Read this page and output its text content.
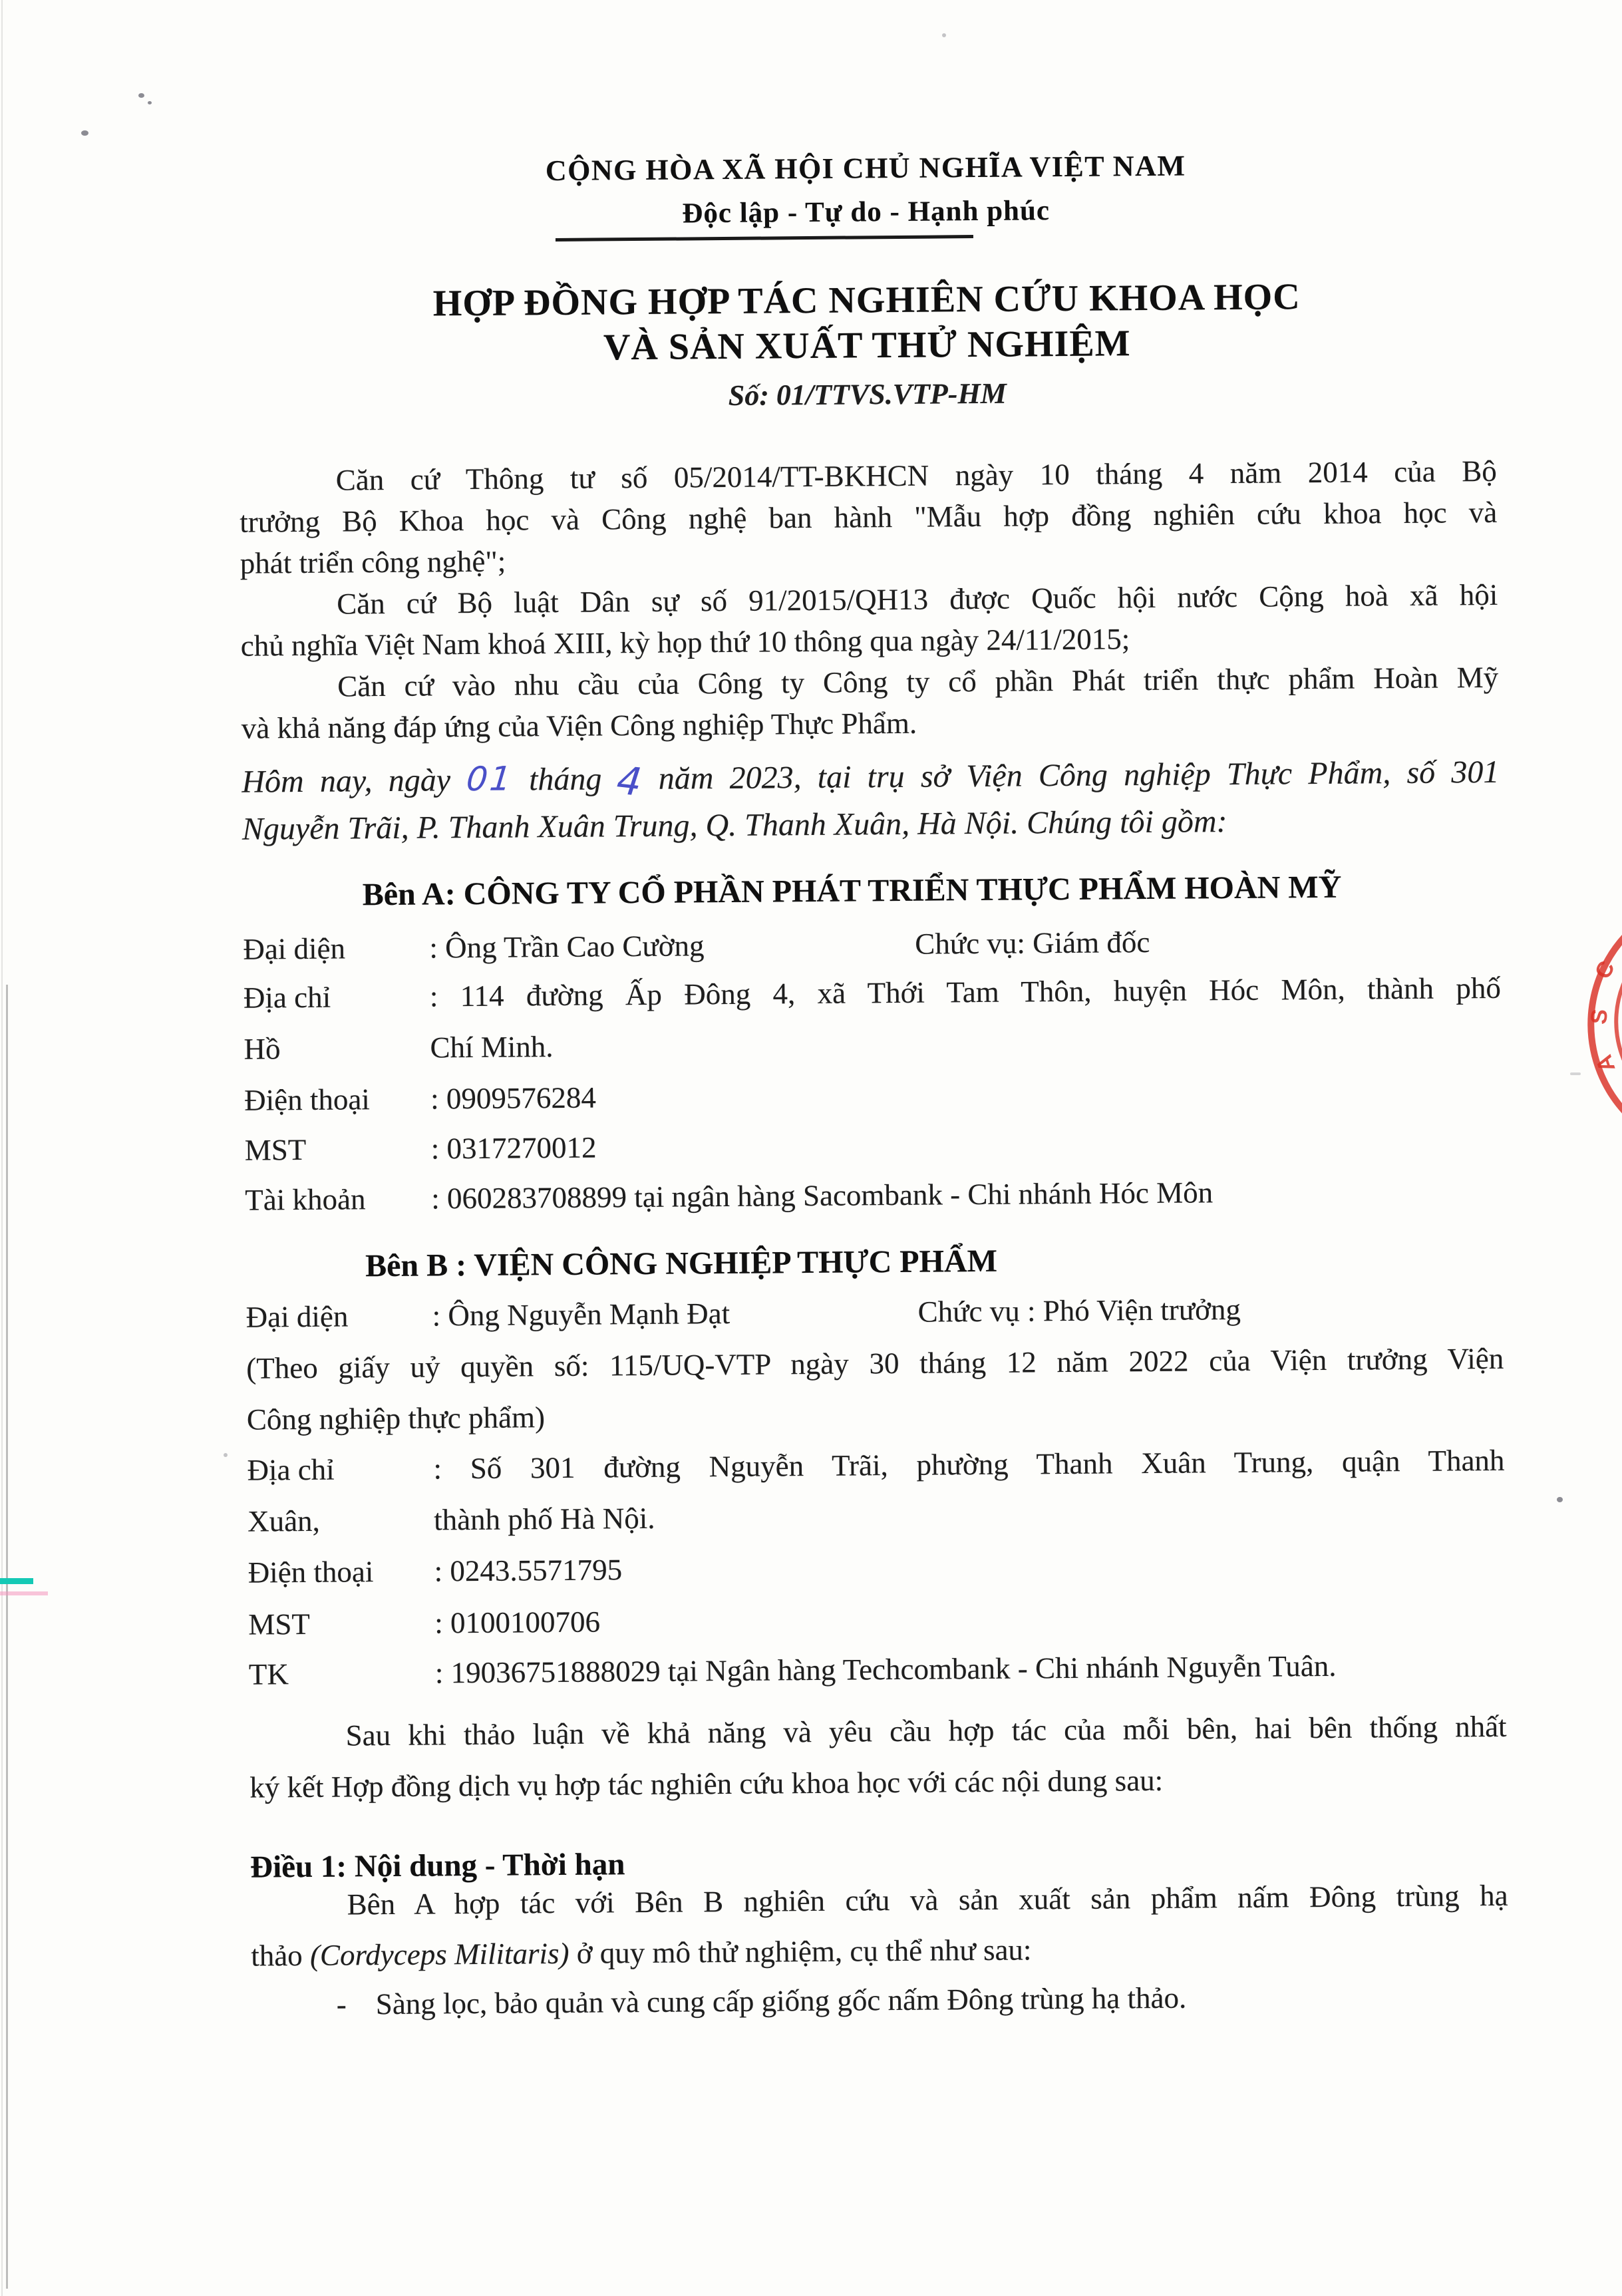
CỘNG HÒA XÃ HỘI CHỦ NGHĨA VIỆT NAM
Độc lập - Tự do - Hạnh phúc
HỢP ĐỒNG HỢP TÁC NGHIÊN CỨU KHOA HỌC
VÀ SẢN XUẤT THỬ NGHIỆM
Số: 01/TTVS.VTP-HM
Căn cứ Thông tư số 05/2014/TT-BKHCN ngày 10 tháng 4 năm 2014 của Bộ
trưởng Bộ Khoa học và Công nghệ ban hành "Mẫu hợp đồng nghiên cứu khoa học và
phát triển công nghệ";
Căn cứ Bộ luật Dân sự số 91/2015/QH13 được Quốc hội nước Cộng hoà xã hội
chủ nghĩa Việt Nam khoá XIII, kỳ họp thứ 10 thông qua ngày 24/11/2015;
Căn cứ vào nhu cầu của Công ty Công ty cổ phần Phát triển thực phẩm Hoàn Mỹ
và khả năng đáp ứng của Viện Công nghiệp Thực Phẩm.
Hôm nay, ngày 01 tháng 4 năm 2023, tại trụ sở Viện Công nghiệp Thực Phẩm, số 301
Nguyễn Trãi, P. Thanh Xuân Trung, Q. Thanh Xuân, Hà Nội. Chúng tôi gồm:
Bên A: CÔNG TY CỔ PHẦN PHÁT TRIỂN THỰC PHẨM HOÀN MỸ
Đại diện	: Ông Trần Cao Cường	Chức vụ: Giám đốc
Địa chỉ	: 114 đường Ấp Đông 4, xã Thới Tam Thôn, huyện Hóc Môn, thành phố
Hồ	Chí Minh.
Điện thoại	: 0909576284
MST	: 0317270012
Tài khoản	: 060283708899 tại ngân hàng Sacombank - Chi nhánh Hóc Môn
Bên B : VIỆN CÔNG NGHIỆP THỰC PHẨM
Đại diện	: Ông Nguyễn Mạnh Đạt	Chức vụ : Phó Viện trưởng
(Theo giấy uỷ quyền số: 115/UQ-VTP ngày 30 tháng 12 năm 2022 của Viện trưởng Viện
Công nghiệp thực phẩm)
Địa chỉ	: Số 301 đường Nguyễn Trãi, phường Thanh Xuân Trung, quận Thanh
Xuân,	thành phố Hà Nội.
Điện thoại	: 0243.5571795
MST	: 0100100706
TK	: 19036751888029 tại Ngân hàng Techcombank - Chi nhánh Nguyễn Tuân.
Sau khi thảo luận về khả năng và yêu cầu hợp tác của mỗi bên, hai bên thống nhất
ký kết Hợp đồng dịch vụ hợp tác nghiên cứu khoa học với các nội dung sau:
Điều 1: Nội dung - Thời hạn
Bên A hợp tác với Bên B nghiên cứu và sản xuất sản phẩm nấm Đông trùng hạ
thảo (Cordyceps Militaris) ở quy mô thử nghiệm, cụ thể như sau:
- Sàng lọc, bảo quản và cung cấp giống gốc nấm Đông trùng hạ thảo.
C
S
A
